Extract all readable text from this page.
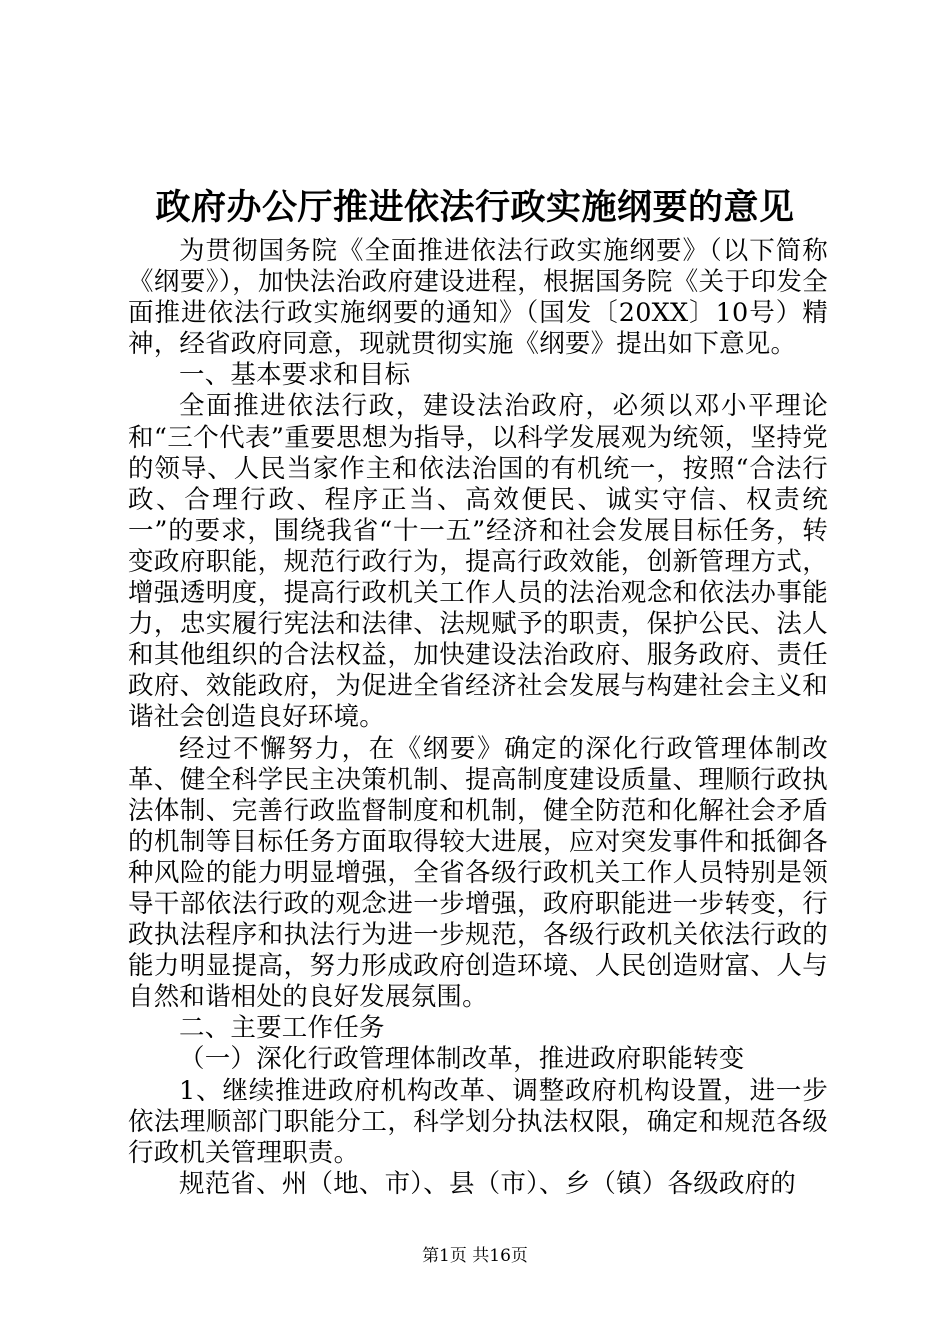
政府办公厅推进依法行政实施纲要的意见

为贯彻国务院《全面推进依法行政实施纲要》（以下简称《纲要》），加快法治政府建设进程，根据国务院《关于印发全面推进依法行政实施纲要的通知》（国发〔20XX〕10号）精神，经省政府同意，现就贯彻实施《纲要》提出如下意见。

一、基本要求和目标

全面推进依法行政，建设法治政府，必须以邓小平理论和“三个代表”重要思想为指导，以科学发展观为统领，坚持党的领导、人民当家作主和依法治国的有机统一，按照“合法行政、合理行政、程序正当、高效便民、诚实守信、权责统一”的要求，围绕我省“十一五”经济和社会发展目标任务，转变政府职能，规范行政行为，提高行政效能，创新管理方式，增强透明度，提高行政机关工作人员的法治观念和依法办事能力，忠实履行宪法和法律、法规赋予的职责，保护公民、法人和其他组织的合法权益，加快建设法治政府、服务政府、责任政府、效能政府，为促进全省经济社会发展与构建社会主义和谐社会创造良好环境。

经过不懈努力，在《纲要》确定的深化行政管理体制改革、健全科学民主决策机制、提高制度建设质量、理顺行政执法体制、完善行政监督制度和机制，健全防范和化解社会矛盾的机制等目标任务方面取得较大进展，应对突发事件和抵御各种风险的能力明显增强，全省各级行政机关工作人员特别是领导干部依法行政的观念进一步增强，政府职能进一步转变，行政执法程序和执法行为进一步规范，各级行政机关依法行政的能力明显提高，努力形成政府创造环境、人民创造财富、人与自然和谐相处的良好发展氛围。

二、主要工作任务

（一）深化行政管理体制改革，推进政府职能转变

1、继续推进政府机构改革、调整政府机构设置，进一步依法理顺部门职能分工，科学划分执法权限，确定和规范各级行政机关管理职责。

规范省、州（地、市）、县（市）、乡（镇）各级政府的

第1页 共16页
